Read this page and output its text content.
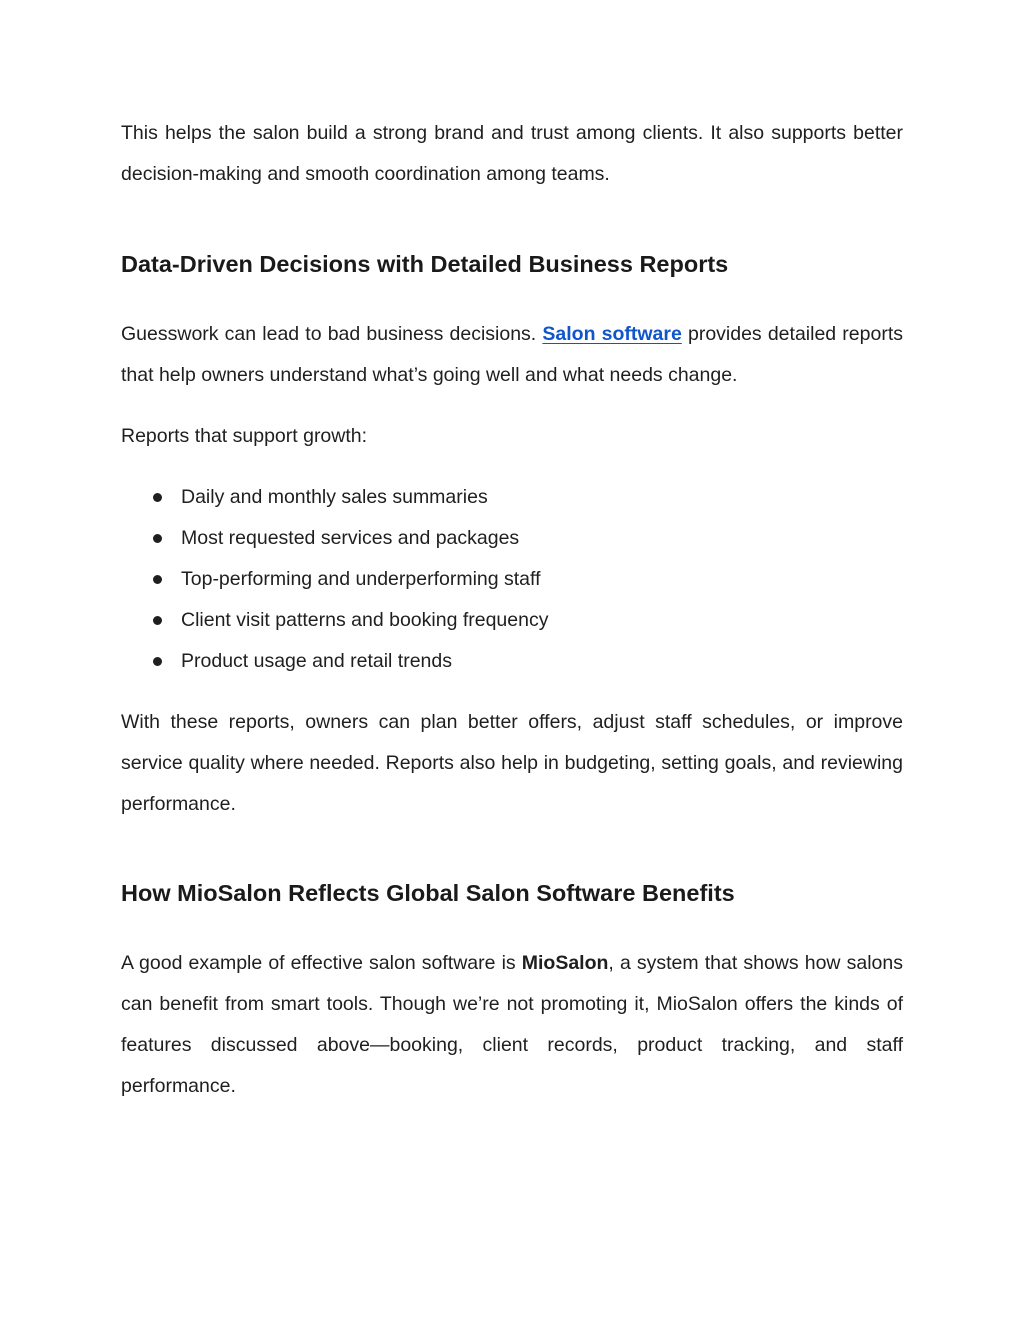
This helps the salon build a strong brand and trust among clients. It also supports better decision-making and smooth coordination among teams.

Data-Driven Decisions with Detailed Business Reports

Guesswork can lead to bad business decisions. Salon software provides detailed reports that help owners understand what’s going well and what needs change.

Reports that support growth:

Daily and monthly sales summaries
Most requested services and packages
Top-performing and underperforming staff
Client visit patterns and booking frequency
Product usage and retail trends

With these reports, owners can plan better offers, adjust staff schedules, or improve service quality where needed. Reports also help in budgeting, setting goals, and reviewing performance.

How MioSalon Reflects Global Salon Software Benefits

A good example of effective salon software is MioSalon, a system that shows how salons can benefit from smart tools. Though we’re not promoting it, MioSalon offers the kinds of features discussed above—booking, client records, product tracking, and staff performance.
